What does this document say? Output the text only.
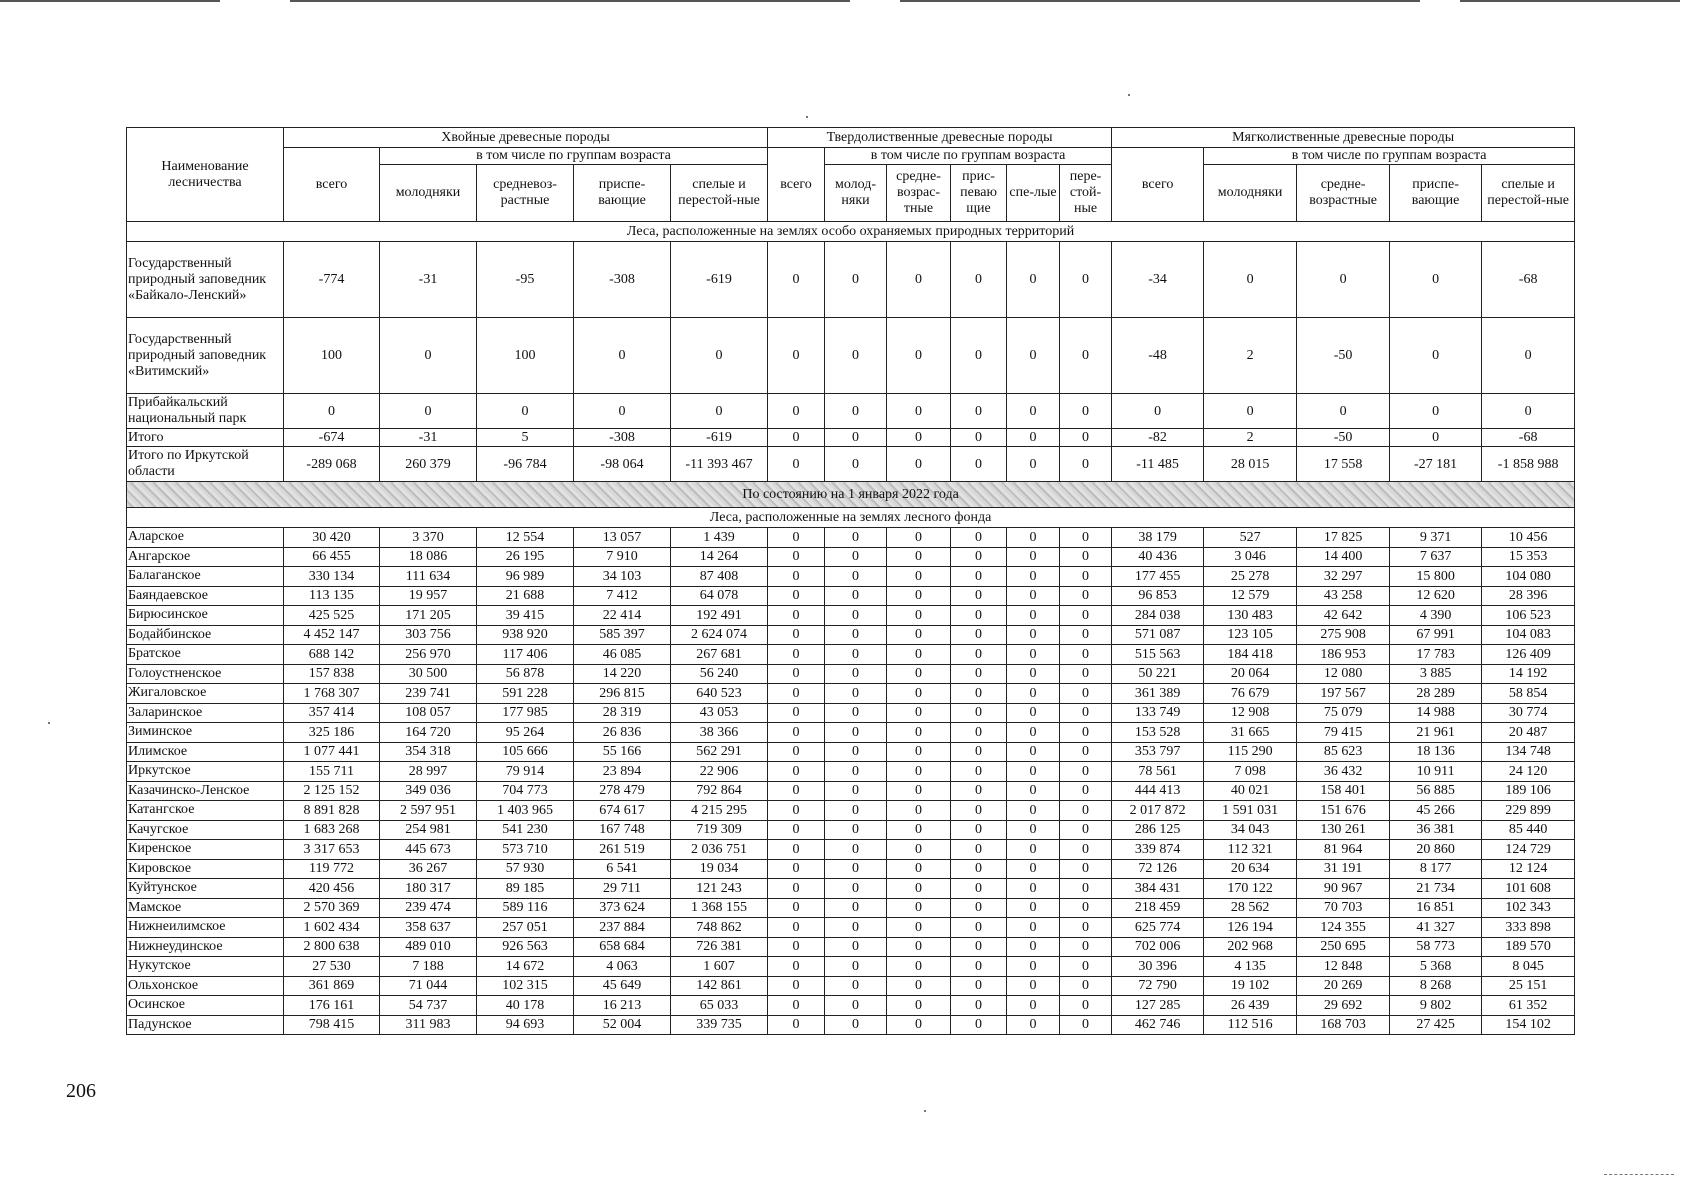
Наименование лесничества	Хвойные древесные породы					Твердолиственные древесные породы						Мягколиственные древесные породы				
	всего	в том числе по группам возраста				всего	в том числе по группам возраста					всего	в том числе по группам возраста			
		молодняки	средневоз-растные	приспе-вающие	спелые и перестой-ные		молод-няки	средне-возрас-тные	прис-певаю щие	спе-лые	пере-стой-ные		молодняки	средне-возрастные	приспе-вающие	спелые и перестой-ные
Леса, расположенные на землях особо охраняемых природных территорий																
Государственный природный заповедник «Байкало-Ленский»	-774	-31	-95	-308	-619	0	0	0	0	0	0	-34	0	0	0	-68
Государственный природный заповедник «Витимский»	100	0	100	0	0	0	0	0	0	0	0	-48	2	-50	0	0
Прибайкальский национальный парк	0	0	0	0	0	0	0	0	0	0	0	0	0	0	0	0
Итого	-674	-31	5	-308	-619	0	0	0	0	0	0	-82	2	-50	0	-68
Итого по Иркутской области	-289 068	260 379	-96 784	-98 064	-11 393 467	0	0	0	0	0	0	-11 485	28 015	17 558	-27 181	-1 858 988
По состоянию на 1 января 2022 года																
Леса, расположенные на землях лесного фонда																
Аларское	30 420	3 370	12 554	13 057	1 439	0	0	0	0	0	0	38 179	527	17 825	9 371	10 456
Ангарское	66 455	18 086	26 195	7 910	14 264	0	0	0	0	0	0	40 436	3 046	14 400	7 637	15 353
Балаганское	330 134	111 634	96 989	34 103	87 408	0	0	0	0	0	0	177 455	25 278	32 297	15 800	104 080
Баяндаевское	113 135	19 957	21 688	7 412	64 078	0	0	0	0	0	0	96 853	12 579	43 258	12 620	28 396
Бирюсинское	425 525	171 205	39 415	22 414	192 491	0	0	0	0	0	0	284 038	130 483	42 642	4 390	106 523
Бодайбинское	4 452 147	303 756	938 920	585 397	2 624 074	0	0	0	0	0	0	571 087	123 105	275 908	67 991	104 083
Братское	688 142	256 970	117 406	46 085	267 681	0	0	0	0	0	0	515 563	184 418	186 953	17 783	126 409
Голоустненское	157 838	30 500	56 878	14 220	56 240	0	0	0	0	0	0	50 221	20 064	12 080	3 885	14 192
Жигаловское	1 768 307	239 741	591 228	296 815	640 523	0	0	0	0	0	0	361 389	76 679	197 567	28 289	58 854
Заларинское	357 414	108 057	177 985	28 319	43 053	0	0	0	0	0	0	133 749	12 908	75 079	14 988	30 774
Зиминское	325 186	164 720	95 264	26 836	38 366	0	0	0	0	0	0	153 528	31 665	79 415	21 961	20 487
Илимское	1 077 441	354 318	105 666	55 166	562 291	0	0	0	0	0	0	353 797	115 290	85 623	18 136	134 748
Иркутское	155 711	28 997	79 914	23 894	22 906	0	0	0	0	0	0	78 561	7 098	36 432	10 911	24 120
Казачинско-Ленское	2 125 152	349 036	704 773	278 479	792 864	0	0	0	0	0	0	444 413	40 021	158 401	56 885	189 106
Катангское	8 891 828	2 597 951	1 403 965	674 617	4 215 295	0	0	0	0	0	0	2 017 872	1 591 031	151 676	45 266	229 899
Качугское	1 683 268	254 981	541 230	167 748	719 309	0	0	0	0	0	0	286 125	34 043	130 261	36 381	85 440
Киренское	3 317 653	445 673	573 710	261 519	2 036 751	0	0	0	0	0	0	339 874	112 321	81 964	20 860	124 729
Кировское	119 772	36 267	57 930	6 541	19 034	0	0	0	0	0	0	72 126	20 634	31 191	8 177	12 124
Куйтунское	420 456	180 317	89 185	29 711	121 243	0	0	0	0	0	0	384 431	170 122	90 967	21 734	101 608
Мамское	2 570 369	239 474	589 116	373 624	1 368 155	0	0	0	0	0	0	218 459	28 562	70 703	16 851	102 343
Нижнеилимское	1 602 434	358 637	257 051	237 884	748 862	0	0	0	0	0	0	625 774	126 194	124 355	41 327	333 898
Нижнеудинское	2 800 638	489 010	926 563	658 684	726 381	0	0	0	0	0	0	702 006	202 968	250 695	58 773	189 570
Нукутское	27 530	7 188	14 672	4 063	1 607	0	0	0	0	0	0	30 396	4 135	12 848	5 368	8 045
Ольхонское	361 869	71 044	102 315	45 649	142 861	0	0	0	0	0	0	72 790	19 102	20 269	8 268	25 151
Осинское	176 161	54 737	40 178	16 213	65 033	0	0	0	0	0	0	127 285	26 439	29 692	9 802	61 352
Падунское	798 415	311 983	94 693	52 004	339 735	0	0	0	0	0	0	462 746	112 516	168 703	27 425	154 102
206
